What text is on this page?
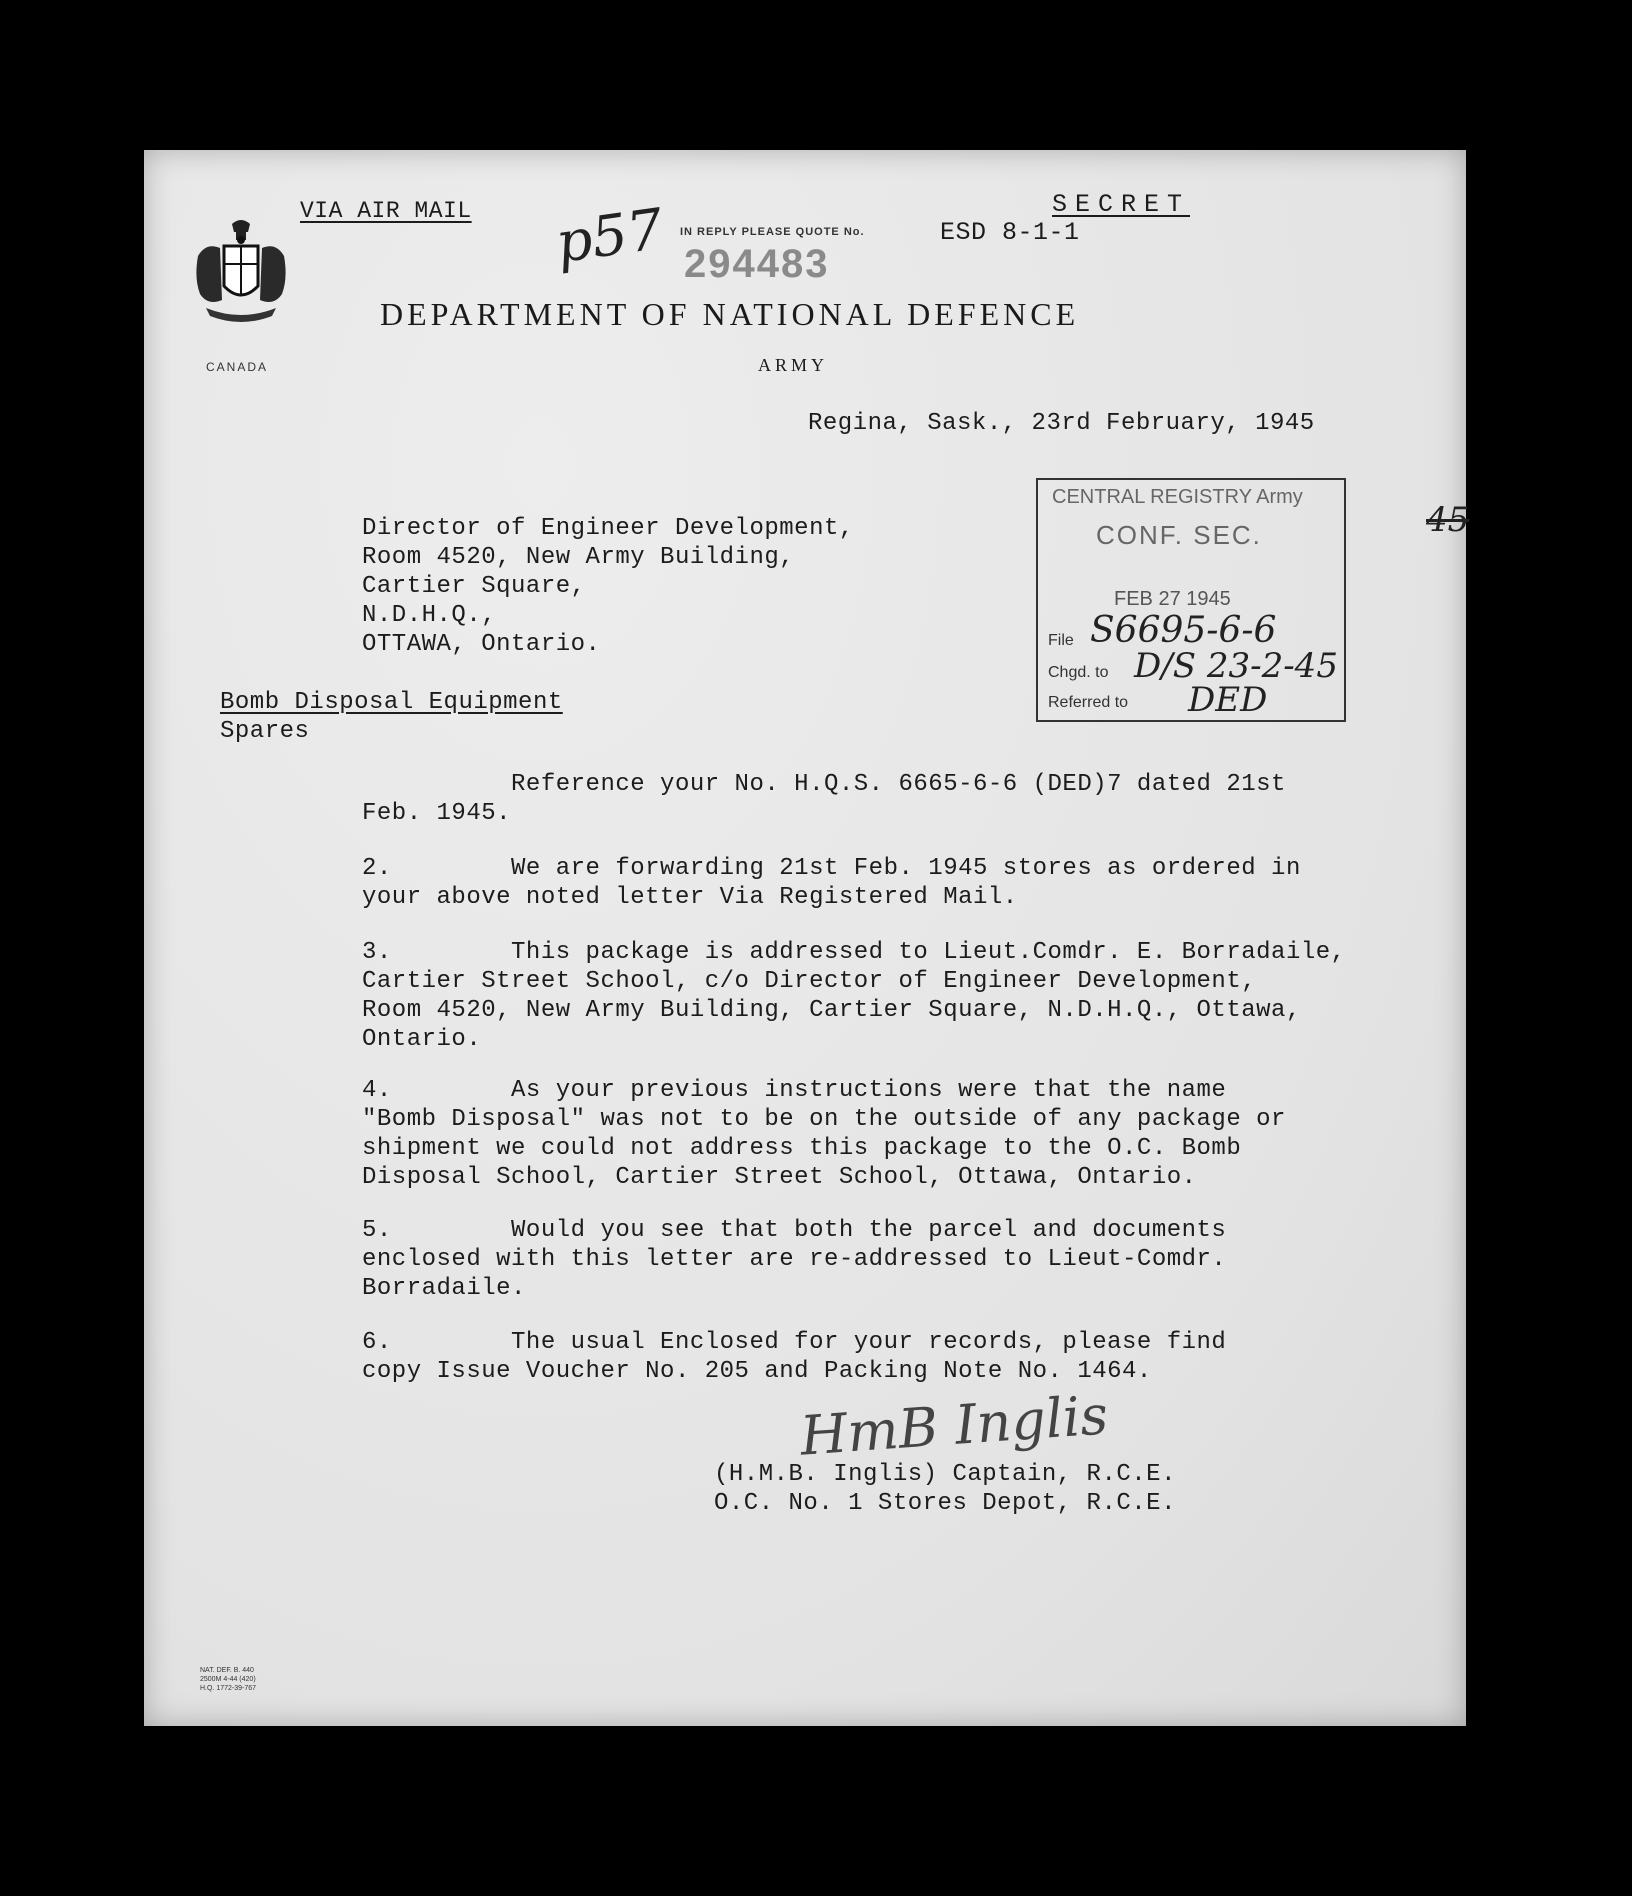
VIA AIR MAIL	SECRET
p57 IN REPLY PLEASE QUOTE No.	ESD 8-1-1
294483
CANADA
DEPARTMENT OF NATIONAL DEFENCE
ARMY
Regina, Sask., 23rd February, 1945
Director of Engineer Development,
Room 4520, New Army Building,
Cartier Square,
N.D.H.Q.,
OTTAWA, Ontario.
CENTRAL REGISTRY Army
CONF. SEC.
FEB 27 1945
File S6695-6-6
Chgd. to D/S 23-2-45
Referred to DED
45
Bomb Disposal Equipment
Spares
Reference your No. H.Q.S. 6665-6-6 (DED)7 dated 21st
Feb. 1945.
2.        We are forwarding 21st Feb. 1945 stores as ordered in
your above noted letter Via Registered Mail.
3.        This package is addressed to Lieut.Comdr. E. Borradaile,
Cartier Street School, c/o Director of Engineer Development,
Room 4520, New Army Building, Cartier Square, N.D.H.Q., Ottawa,
Ontario.
4.        As your previous instructions were that the name
"Bomb Disposal" was not to be on the outside of any package or
shipment we could not address this package to the O.C. Bomb
Disposal School, Cartier Street School, Ottawa, Ontario.
5.        Would you see that both the parcel and documents
enclosed with this letter are re-addressed to Lieut-Comdr.
Borradaile.
6.        The usual Enclosed for your records, please find
copy Issue Voucher No. 205 and Packing Note No. 1464.
HmB Inglis
(H.M.B. Inglis) Captain, R.C.E.
O.C. No. 1 Stores Depot, R.C.E.
NAT. DEF. B. 440
2500M 4-44 (420)
H.Q. 1772-39-767
